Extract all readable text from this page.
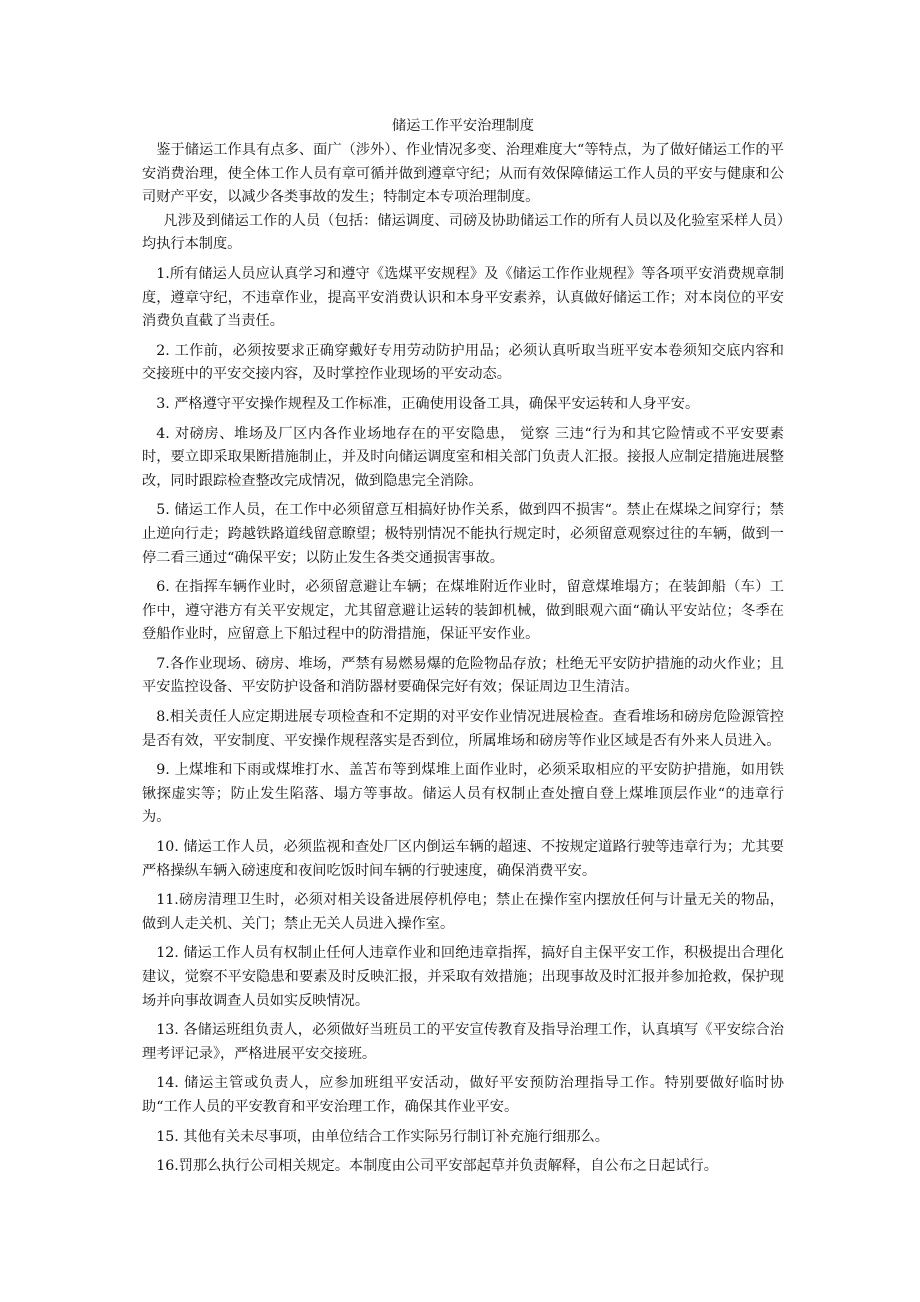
储运工作平安治理制度

鉴于储运工作具有点多、面广（涉外）、作业情况多变、治理难度大“等特点，为了做好储运工作的平安消费治理，使全体工作人员有章可循并做到遵章守纪；从而有效保障储运工作人员的平安与健康和公司财产平安，以减少各类事故的发生；特制定本专项治理制度。

凡涉及到储运工作的人员（包括：储运调度、司磅及协助储运工作的所有人员以及化验室采样人员）均执行本制度。

1.所有储运人员应认真学习和遵守《选煤平安规程》及《储运工作作业规程》等各项平安消费规章制度，遵章守纪，不违章作业，提高平安消费认识和本身平安素养，认真做好储运工作；对本岗位的平安消费负直截了当责任。

2. 工作前，必须按要求正确穿戴好专用劳动防护用品；必须认真听取当班平安本卷须知交底内容和交接班中的平安交接内容，及时掌控作业现场的平安动态。

3. 严格遵守平安操作规程及工作标准，正确使用设备工具，确保平安运转和人身平安。

4. 对磅房、堆场及厂区内各作业场地存在的平安隐患， 觉察 三违“行为和其它险情或不平安要素时，要立即采取果断措施制止，并及时向储运调度室和相关部门负责人汇报。接报人应制定措施进展整改，同时跟踪检查整改完成情况，做到隐患完全消除。

5. 储运工作人员，在工作中必须留意互相搞好协作关系，做到四不损害“。禁止在煤垛之间穿行；禁止逆向行走；跨越铁路道线留意瞭望；极特别情况不能执行规定时，必须留意观察过往的车辆，做到一停二看三通过“确保平安；以防止发生各类交通损害事故。

6. 在指挥车辆作业时，必须留意避让车辆；在煤堆附近作业时，留意煤堆塌方；在装卸船（车）工作中，遵守港方有关平安规定，尤其留意避让运转的装卸机械，做到眼观六面“确认平安站位；冬季在登船作业时，应留意上下船过程中的防滑措施，保证平安作业。

7.各作业现场、磅房、堆场，严禁有易燃易爆的危险物品存放；杜绝无平安防护措施的动火作业；且平安监控设备、平安防护设备和消防器材要确保完好有效；保证周边卫生清洁。

8.相关责任人应定期进展专项检查和不定期的对平安作业情况进展检查。查看堆场和磅房危险源管控是否有效，平安制度、平安操作规程落实是否到位，所属堆场和磅房等作业区域是否有外来人员进入。

9. 上煤堆和下雨或煤堆打水、盖苫布等到煤堆上面作业时，必须采取相应的平安防护措施，如用铁锹探虚实等；防止发生陷落、塌方等事故。储运人员有权制止查处擅自登上煤堆顶层作业“的违章行为。

10. 储运工作人员，必须监视和查处厂区内倒运车辆的超速、不按规定道路行驶等违章行为；尤其要严格操纵车辆入磅速度和夜间吃饭时间车辆的行驶速度，确保消费平安。

11.磅房清理卫生时，必须对相关设备进展停机停电；禁止在操作室内摆放任何与计量无关的物品，做到人走关机、关门；禁止无关人员进入操作室。

12. 储运工作人员有权制止任何人违章作业和回绝违章指挥，搞好自主保平安工作，积极提出合理化建议，觉察不平安隐患和要素及时反映汇报，并采取有效措施；出现事故及时汇报并参加抢救，保护现场并向事故调查人员如实反映情况。

13. 各储运班组负责人，必须做好当班员工的平安宣传教育及指导治理工作，认真填写《平安综合治理考评记录》，严格进展平安交接班。

14. 储运主管或负责人，应参加班组平安活动，做好平安预防治理指导工作。特别要做好临时协助“工作人员的平安教育和平安治理工作，确保其作业平安。

15. 其他有关未尽事项，由单位结合工作实际另行制订补充施行细那么。

16.罚那么执行公司相关规定。本制度由公司平安部起草并负责解释，自公布之日起试行。
